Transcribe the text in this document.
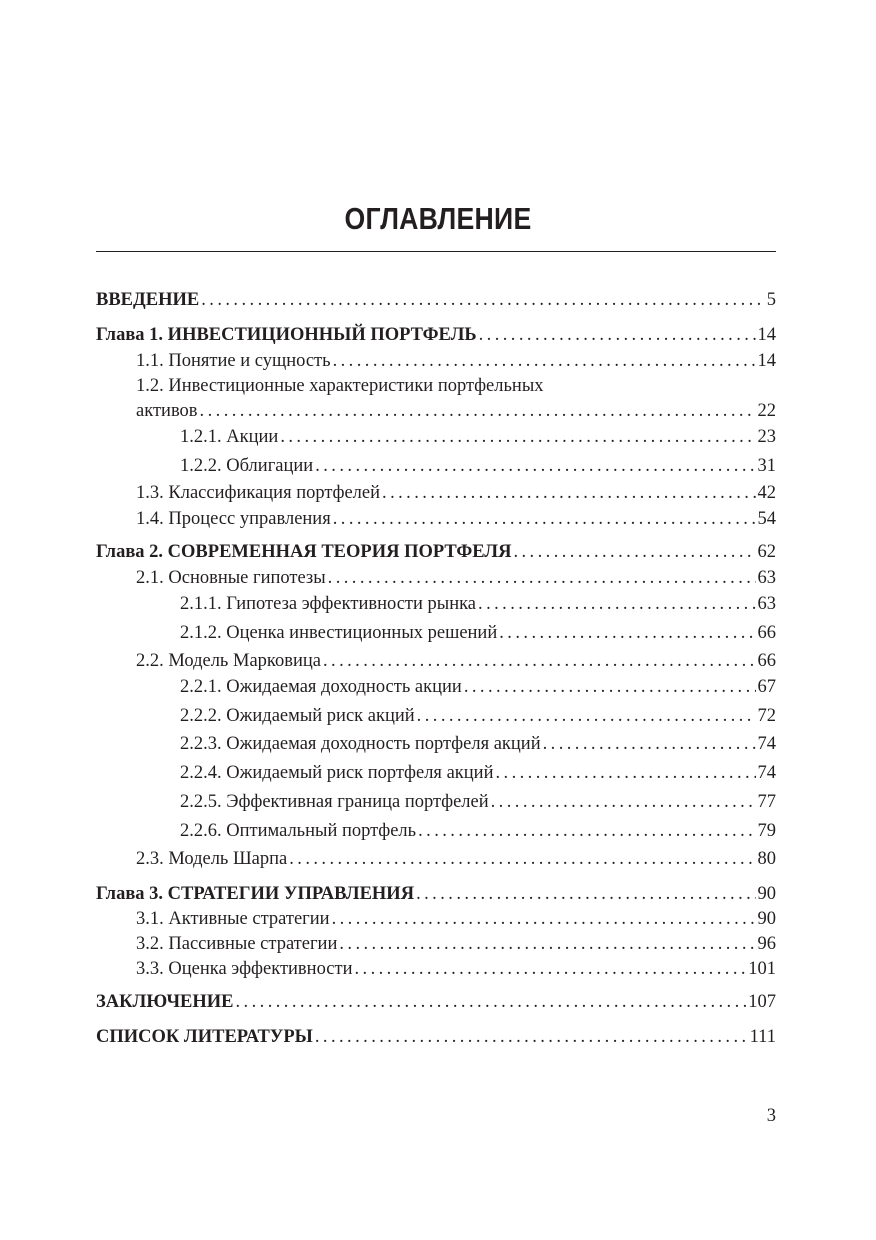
ОГЛАВЛЕНИЕ
ВВЕДЕНИЕ . . .	5
Глава 1. ИНВЕСТИЦИОННЫЙ ПОРТФЕЛЬ . . .	14
1.1. Понятие и сущность . . .	14
1.2. Инвестиционные характеристики портфельных
активов . . .	22
1.2.1. Акции . . .	23
1.2.2. Облигации . . .	31
1.3. Классификация портфелей . . .	42
1.4. Процесс управления . . .	54
Глава 2. СОВРЕМЕННАЯ ТЕОРИЯ ПОРТФЕЛЯ . . .	62
2.1. Основные гипотезы . . .	63
2.1.1. Гипотеза эффективности рынка . . .	63
2.1.2. Оценка инвестиционных решений . . .	66
2.2. Модель Марковица . . .	66
2.2.1. Ожидаемая доходность акции . . .	67
2.2.2. Ожидаемый риск акций . . .	72
2.2.3. Ожидаемая доходность портфеля акций . . .	74
2.2.4. Ожидаемый риск портфеля акций . . .	74
2.2.5. Эффективная граница портфелей . . .	77
2.2.6. Оптимальный портфель . . .	79
2.3. Модель Шарпа . . .	80
Глава 3. СТРАТЕГИИ УПРАВЛЕНИЯ . . .	90
3.1. Активные стратегии . . .	90
3.2. Пассивные стратегии . . .	96
3.3. Оценка эффективности . . .	101
ЗАКЛЮЧЕНИЕ . . .	107
СПИСОК ЛИТЕРАТУРЫ . . .	111
3
